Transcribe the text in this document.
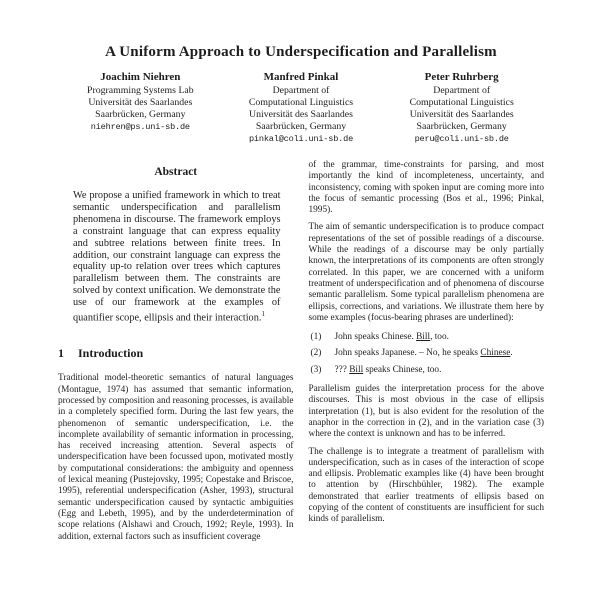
A Uniform Approach to Underspecification and Parallelism
Joachim Niehren
Programming Systems Lab
Universität des Saarlandes
Saarbrücken, Germany
niehren@ps.uni-sb.de
Manfred Pinkal
Department of
Computational Linguistics
Universität des Saarlandes
Saarbrücken, Germany
pinkal@coli.uni-sb.de
Peter Ruhrberg
Department of
Computational Linguistics
Universität des Saarlandes
Saarbrücken, Germany
peru@coli.uni-sb.de
Abstract

We propose a unified framework in which to treat semantic underspecification and parallelism phenomena in discourse. The framework employs a constraint language that can express equality and subtree relations between finite trees. In addition, our constraint language can express the equality up-to relation over trees which captures parallelism between them. The constraints are solved by context unification. We demonstrate the use of our framework at the examples of quantifier scope, ellipsis and their interaction.$^1$

1 Introduction

Traditional model-theoretic semantics of natural languages (Montague, 1974) has assumed that semantic information, processed by composition and reasoning processes, is available in a completely specified form. During the last few years, the phenomenon of semantic underspecification, i.e. the incomplete availability of semantic information in processing, has received increasing attention. Several aspects of underspecification have been focussed upon, motivated mostly by computational considerations: the ambiguity and openness of lexical meaning (Pustejovsky, 1995; Copestake and Briscoe, 1995), referential underspecification (Asher, 1993), structural semantic underspecification caused by syntactic ambiguities (Egg and Lebeth, 1995), and by the underdetermination of scope relations (Alshawi and Crouch, 1992; Reyle, 1993). In addition, external factors such as insufficient coverage

of the grammar, time-constraints for parsing, and most importantly the kind of incompleteness, uncertainty, and inconsistency, coming with spoken input are coming more into the focus of semantic processing (Bos et al., 1996; Pinkal, 1995).

The aim of semantic underspecification is to produce compact representations of the set of possible readings of a discourse. While the readings of a discourse may be only partially known, the interpretations of its components are often strongly correlated. In this paper, we are concerned with a uniform treatment of underspecification and of phenomena of discourse semantic parallelism. Some typical parallelism phenomena are ellipsis, corrections, and variations. We illustrate them here by some examples (focus-bearing phrases are underlined):

(1)	John speaks Chinese. Bill, too.
(2)	John speaks Japanese. – No, he speaks Chinese.
(3)	??? Bill speaks Chinese, too.

Parallelism guides the interpretation process for the above discourses. This is most obvious in the case of ellipsis interpretation (1), but is also evident for the resolution of the anaphor in the correction in (2), and in the variation case (3) where the context is unknown and has to be inferred.

The challenge is to integrate a treatment of parallelism with underspecification, such as in cases of the interaction of scope and ellipsis. Problematic examples like (4) have been brought to attention by (Hirschbühler, 1982). The example demonstrated that earlier treatments of ellipsis based on copying of the content of constituents are insufficient for such kinds of parallelism.
